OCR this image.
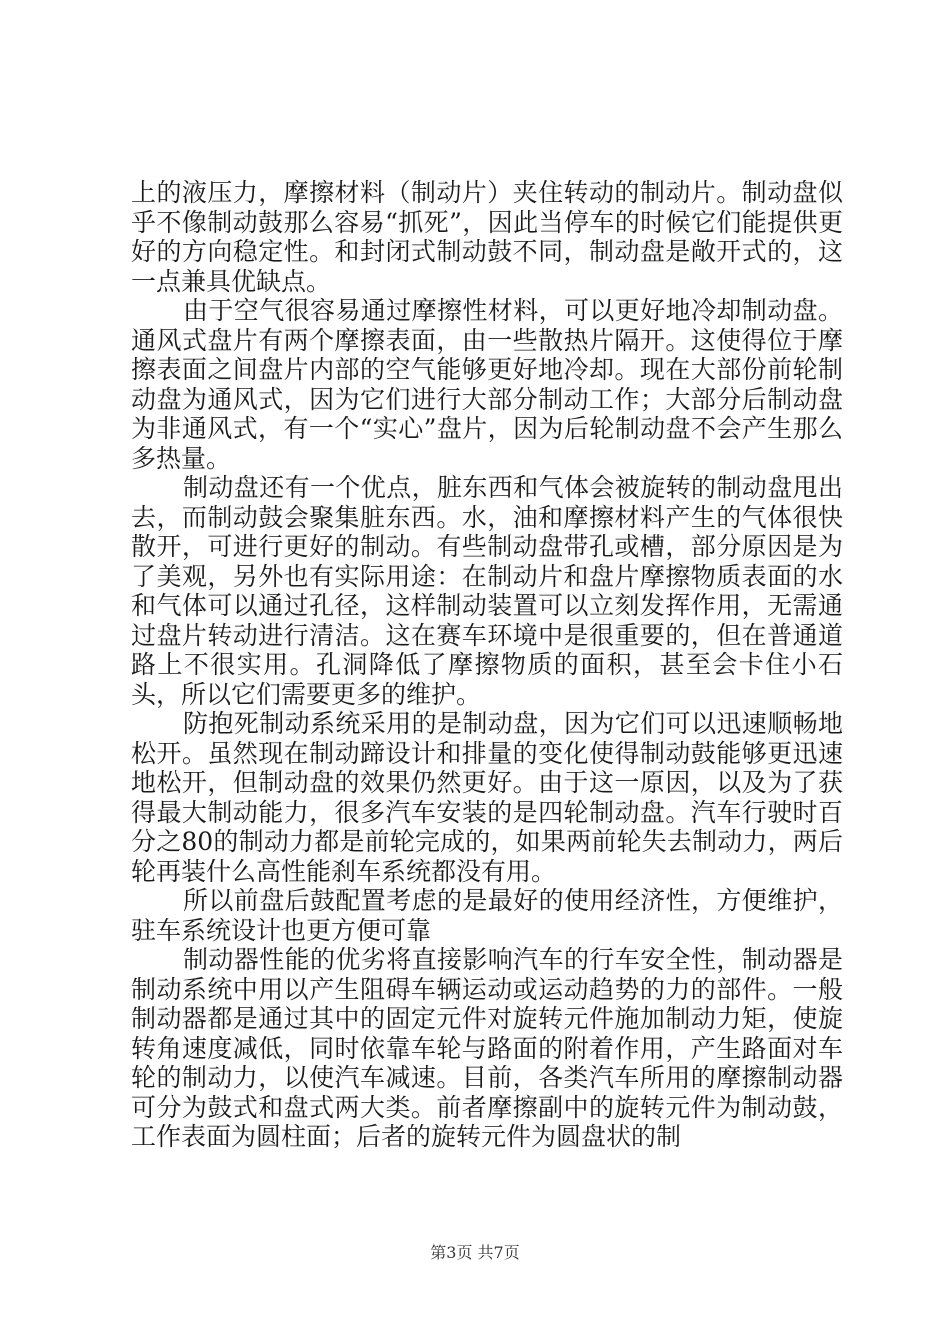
上的液压力，摩擦材料（制动片）夹住转动的制动片。制动盘似乎不像制动鼓那么容易“抓死”，因此当停车的时候它们能提供更好的方向稳定性。和封闭式制动鼓不同，制动盘是敞开式的，这一点兼具优缺点。

由于空气很容易通过摩擦性材料，可以更好地冷却制动盘。通风式盘片有两个摩擦表面，由一些散热片隔开。这使得位于摩擦表面之间盘片内部的空气能够更好地冷却。现在大部份前轮制动盘为通风式，因为它们进行大部分制动工作；大部分后制动盘为非通风式，有一个“实心”盘片，因为后轮制动盘不会产生那么多热量。

制动盘还有一个优点，脏东西和气体会被旋转的制动盘甩出去，而制动鼓会聚集脏东西。水，油和摩擦材料产生的气体很快散开，可进行更好的制动。有些制动盘带孔或槽，部分原因是为了美观，另外也有实际用途：在制动片和盘片摩擦物质表面的水和气体可以通过孔径，这样制动装置可以立刻发挥作用，无需通过盘片转动进行清洁。这在赛车环境中是很重要的，但在普通道路上不很实用。孔洞降低了摩擦物质的面积，甚至会卡住小石头，所以它们需要更多的维护。

防抱死制动系统采用的是制动盘，因为它们可以迅速顺畅地松开。虽然现在制动蹄设计和排量的变化使得制动鼓能够更迅速地松开，但制动盘的效果仍然更好。由于这一原因，以及为了获得最大制动能力，很多汽车安装的是四轮制动盘。汽车行驶时百分之80的制动力都是前轮完成的，如果两前轮失去制动力，两后轮再装什么高性能刹车系统都没有用。

所以前盘后鼓配置考虑的是最好的使用经济性，方便维护，驻车系统设计也更方便可靠

制动器性能的优劣将直接影响汽车的行车安全性，制动器是制动系统中用以产生阻碍车辆运动或运动趋势的力的部件。一般制动器都是通过其中的固定元件对旋转元件施加制动力矩，使旋转角速度减低，同时依靠车轮与路面的附着作用，产生路面对车轮的制动力，以使汽车减速。目前，各类汽车所用的摩擦制动器可分为鼓式和盘式两大类。前者摩擦副中的旋转元件为制动鼓，工作表面为圆柱面；后者的旋转元件为圆盘状的制

第3页 共7页
